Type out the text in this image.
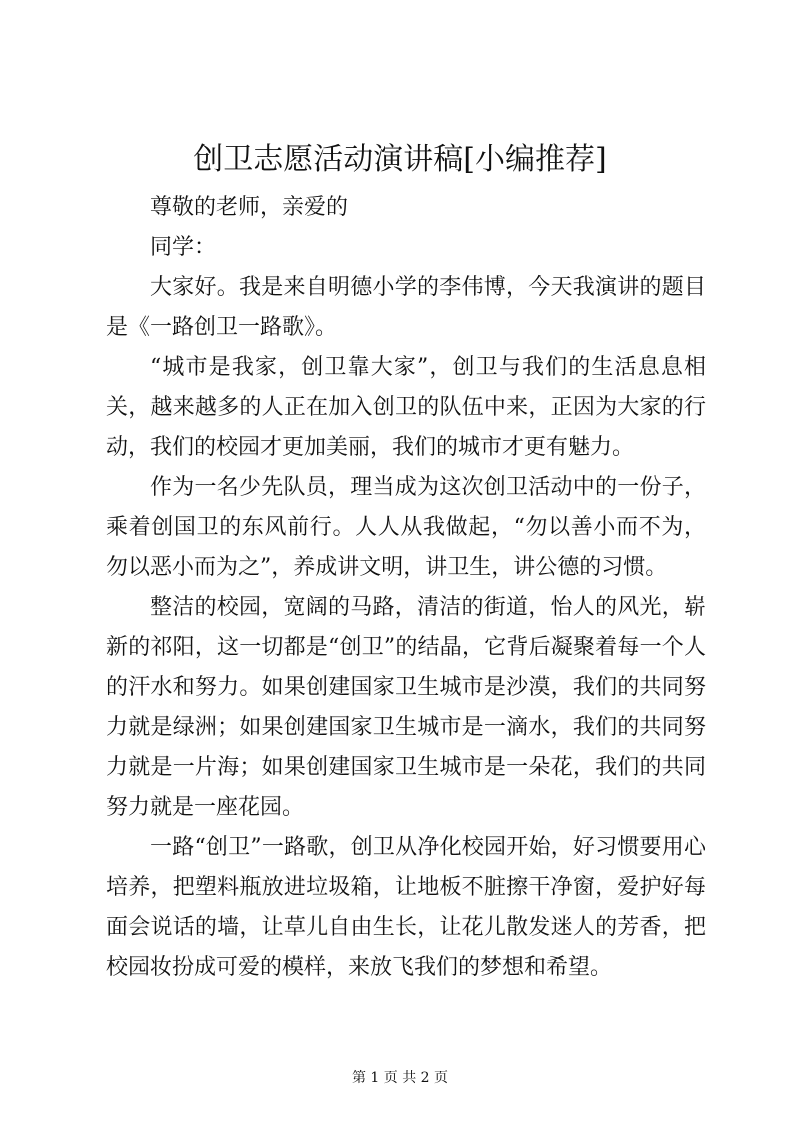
创卫志愿活动演讲稿[小编推荐]

尊敬的老师，亲爱的

同学：

大家好。我是来自明德小学的李伟博，今天我演讲的题目是《一路创卫一路歌》。

“城市是我家，创卫靠大家”，创卫与我们的生活息息相关，越来越多的人正在加入创卫的队伍中来，正因为大家的行动，我们的校园才更加美丽，我们的城市才更有魅力。

作为一名少先队员，理当成为这次创卫活动中的一份子，乘着创国卫的东风前行。人人从我做起，“勿以善小而不为，勿以恶小而为之”，养成讲文明，讲卫生，讲公德的习惯。

整洁的校园，宽阔的马路，清洁的街道，怡人的风光，崭新的祁阳，这一切都是“创卫”的结晶，它背后凝聚着每一个人的汗水和努力。如果创建国家卫生城市是沙漠，我们的共同努力就是绿洲；如果创建国家卫生城市是一滴水，我们的共同努力就是一片海；如果创建国家卫生城市是一朵花，我们的共同努力就是一座花园。

一路“创卫”一路歌，创卫从净化校园开始，好习惯要用心培养，把塑料瓶放进垃圾箱，让地板不脏擦干净窗，爱护好每面会说话的墙，让草儿自由生长，让花儿散发迷人的芳香，把校园妆扮成可爱的模样，来放飞我们的梦想和希望。

第 1 页 共 2 页
